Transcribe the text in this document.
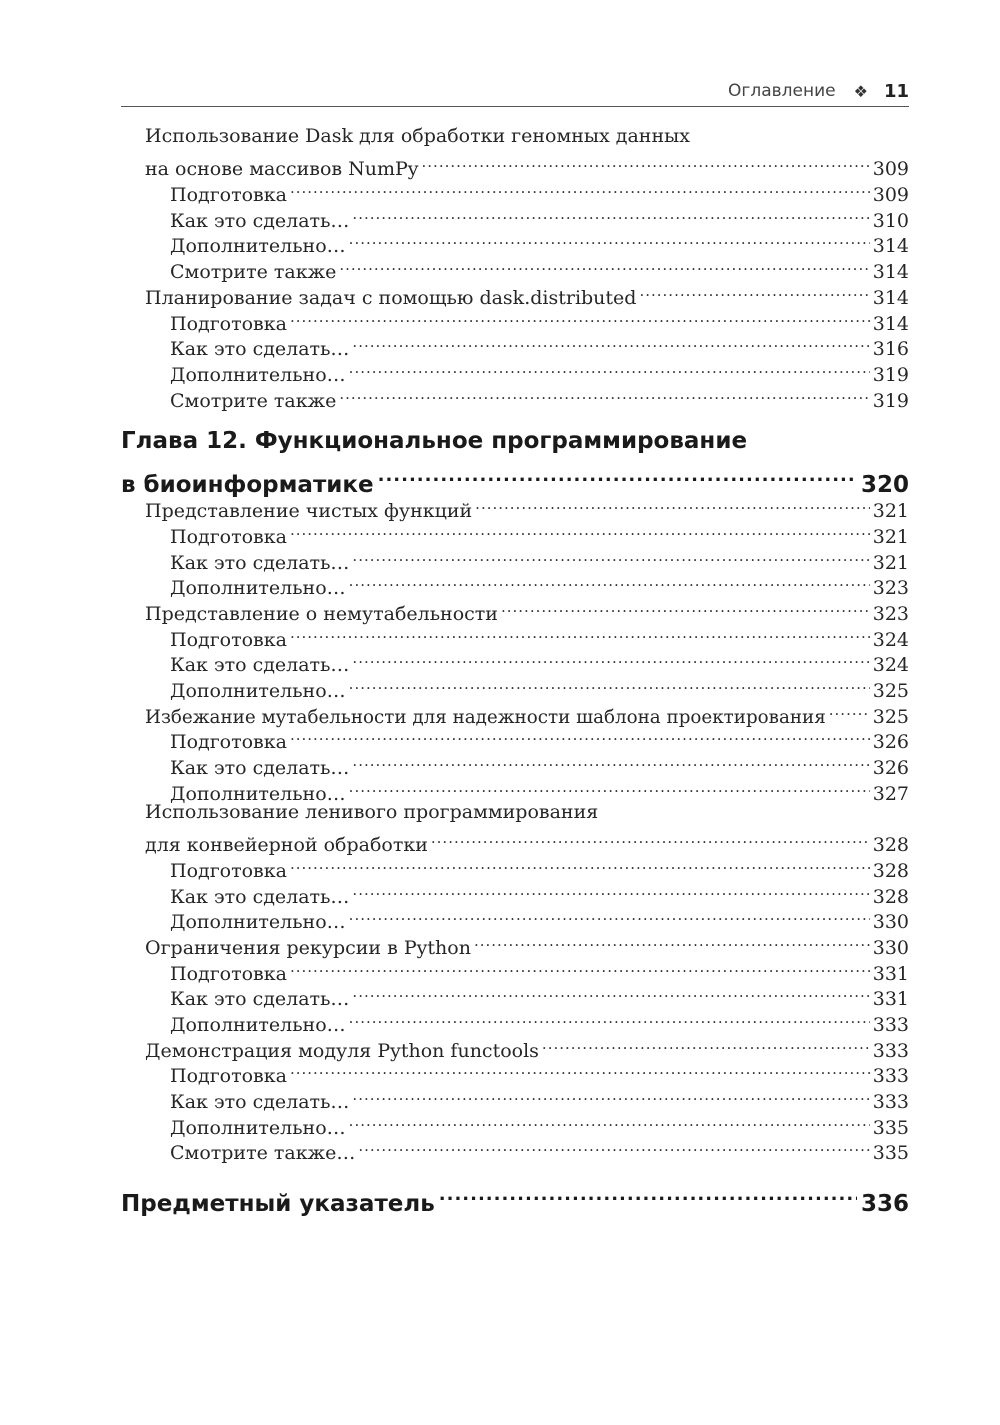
Оглавление ❖ 11
Использование Dask для обработки геномных данных
на основе массивов NumPy .....	309
Подготовка .....	309
Как это сделать… .....	310
Дополнительно… .....	314
Смотрите также .....	314
Планирование задач с помощью dask.distributed .....	314
Подготовка .....	314
Как это сделать… .....	316
Дополнительно… .....	319
Смотрите также .....	319
Глава 12. Функциональное программирование
в биоинформатике .....	320
Представление чистых функций .....	321
Подготовка .....	321
Как это сделать… .....	321
Дополнительно… .....	323
Представление о немутабельности .....	323
Подготовка .....	324
Как это сделать… .....	324
Дополнительно… .....	325
Избежание мутабельности для надежности шаблона проектирования ..... 325
Подготовка .....	326
Как это сделать… .....	326
Дополнительно… .....	327
Использование ленивого программирования
для конвейерной обработки .....	328
Подготовка .....	328
Как это сделать… .....	328
Дополнительно… .....	330
Ограничения рекурсии в Python .....	330
Подготовка .....	331
Как это сделать… .....	331
Дополнительно… .....	333
Демонстрация модуля Python functools .....	333
Подготовка .....	333
Как это сделать… .....	333
Дополнительно… .....	335
Смотрите также… .....	335
Предметный указатель .....	336
